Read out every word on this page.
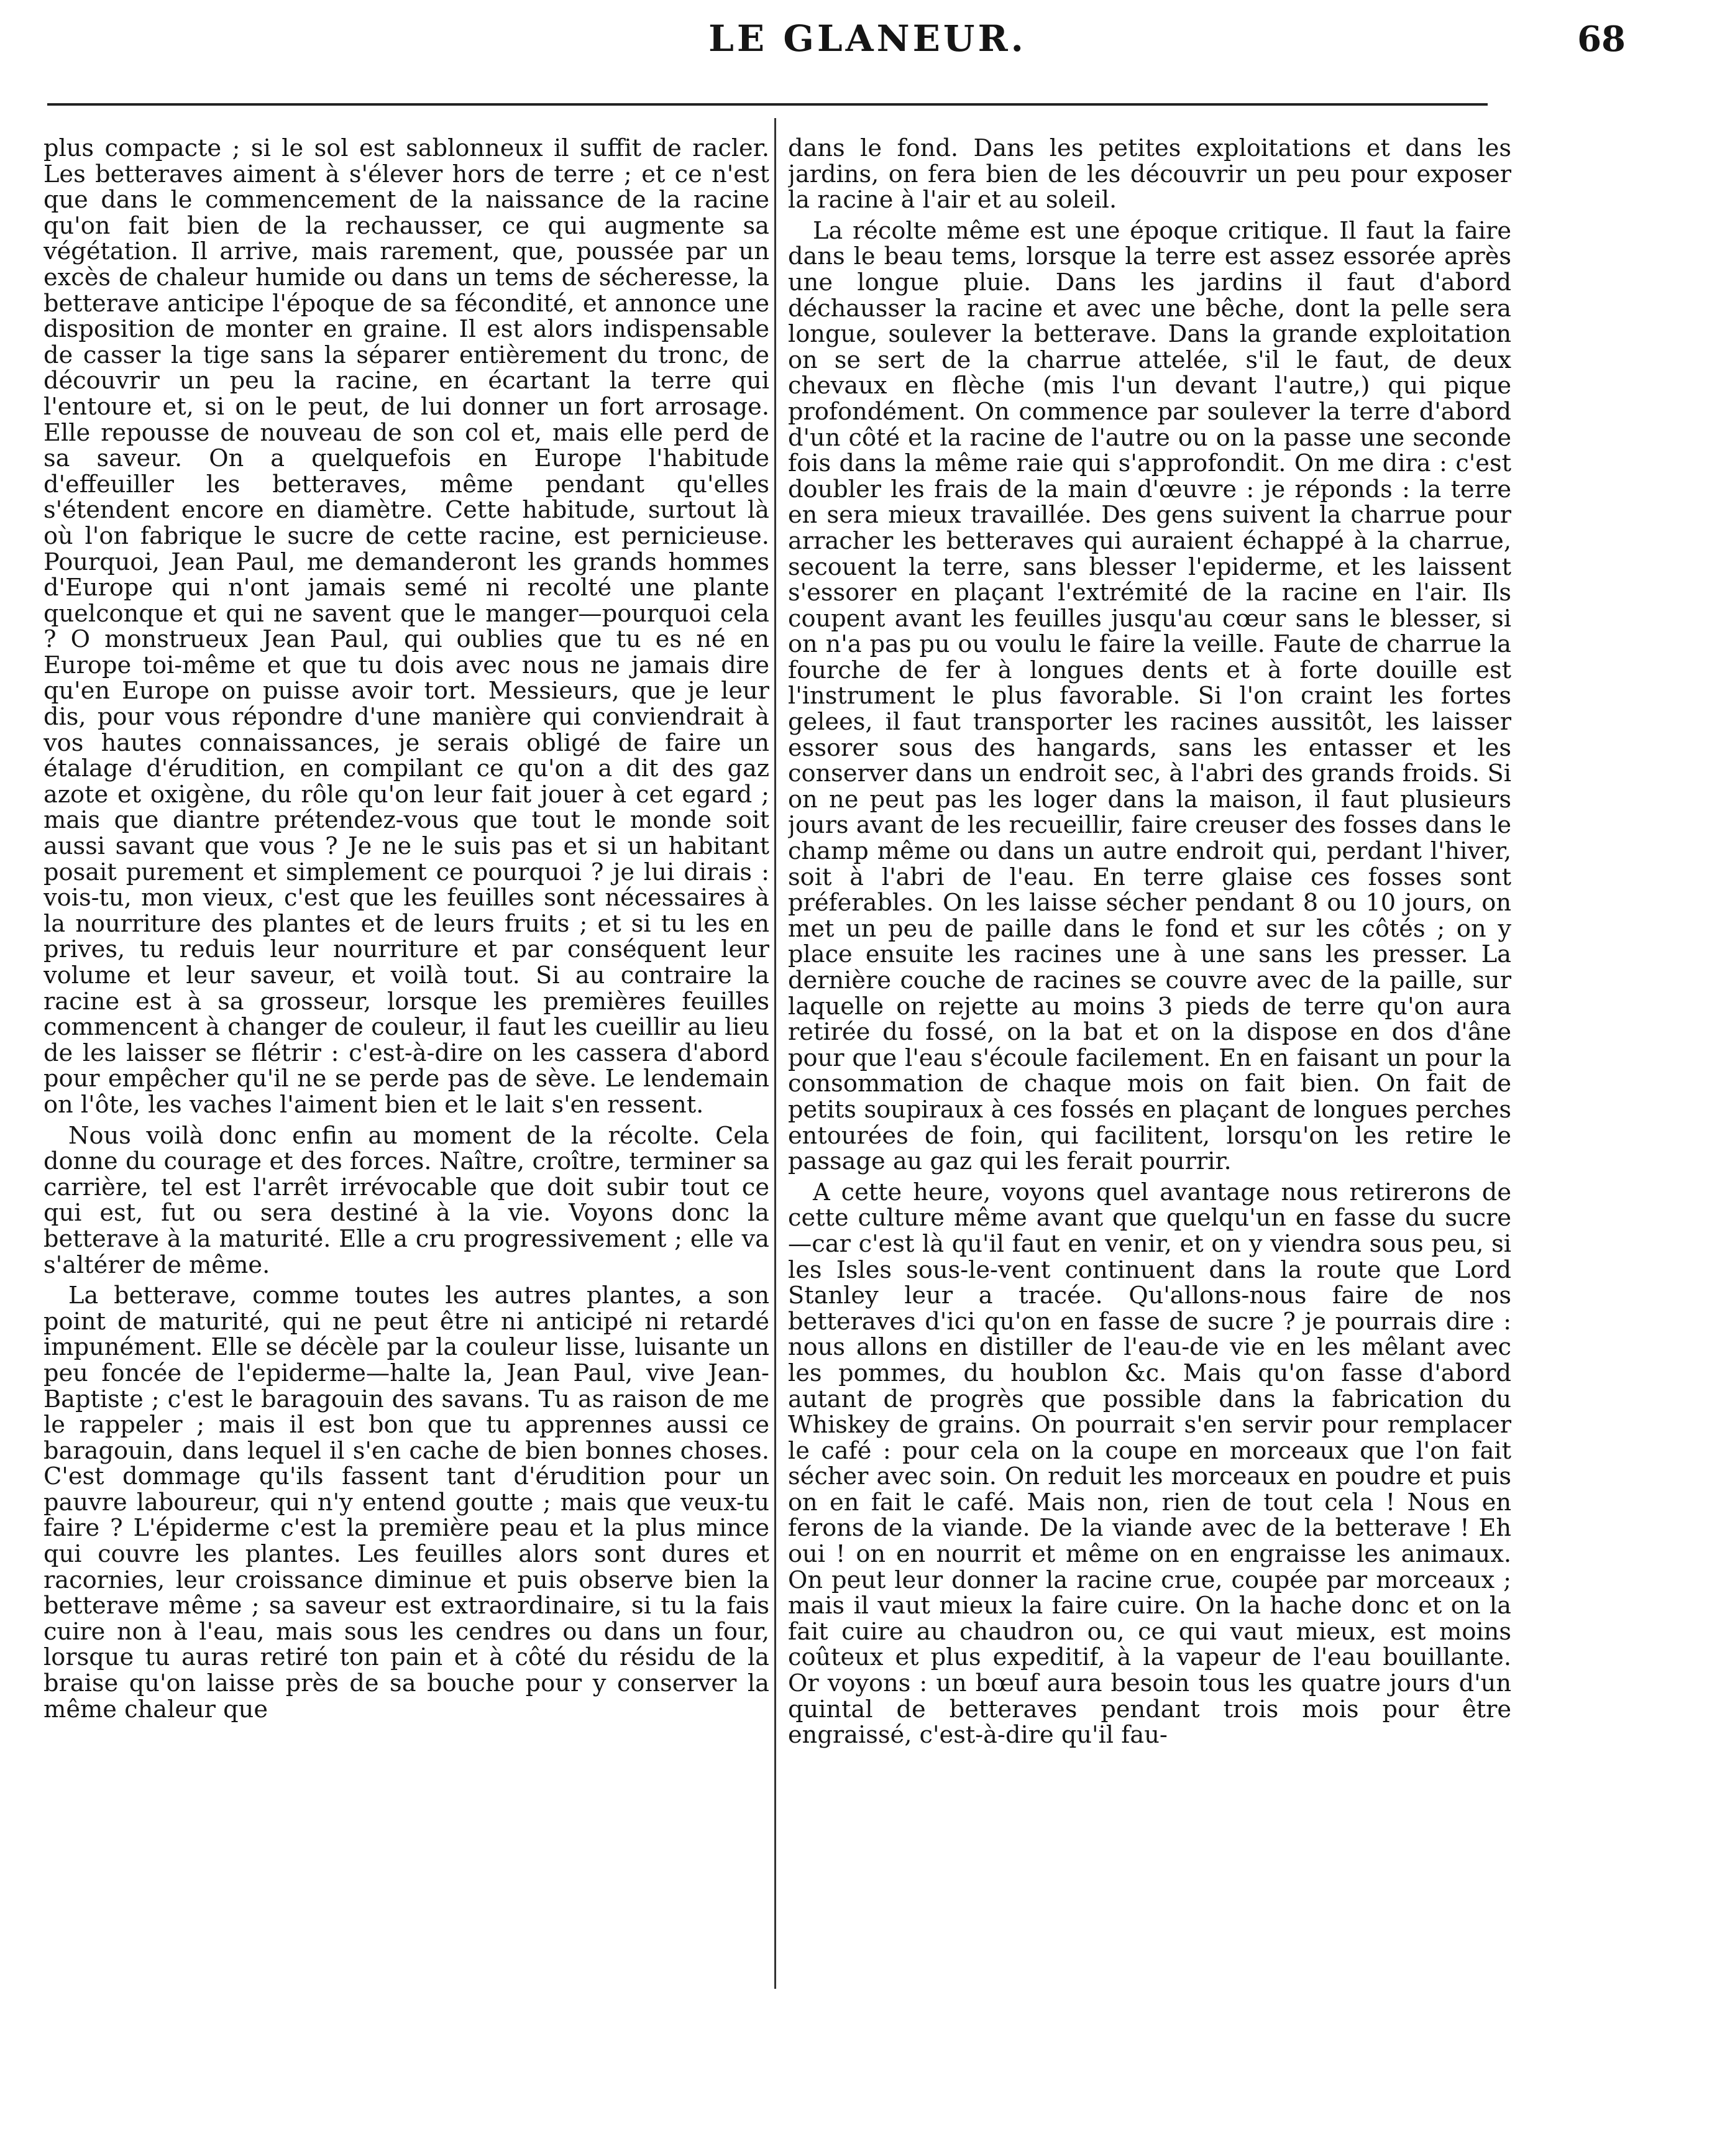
LE GLANEUR.	68

plus compacte ; si le sol est sablonneux il suffit de racler. Les betteraves aiment à s'élever hors de terre ; et ce n'est que dans le commencement de la naissance de la racine qu'on fait bien de la rechausser, ce qui augmente sa végétation. Il arrive, mais rarement, que, poussée par un excès de chaleur humide ou dans un tems de sécheresse, la betterave anticipe l'époque de sa fécondité, et annonce une disposition de monter en graine. Il est alors indispensable de casser la tige sans la séparer entièrement du tronc, de découvrir un peu la racine, en écartant la terre qui l'entoure et, si on le peut, de lui donner un fort arrosage. Elle repousse de nouveau de son col et, mais elle perd de sa saveur. On a quelquefois en Europe l'habitude d'effeuiller les betteraves, même pendant qu'elles s'étendent encore en diamètre. Cette habitude, surtout là où l'on fabrique le sucre de cette racine, est pernicieuse. Pourquoi, Jean Paul, me demanderont les grands hommes d'Europe qui n'ont jamais semé ni recolté une plante quelconque et qui ne savent que le manger—pourquoi cela ? O monstrueux Jean Paul, qui oublies que tu es né en Europe toi-même et que tu dois avec nous ne jamais dire qu'en Europe on puisse avoir tort. Messieurs, que je leur dis, pour vous répondre d'une manière qui conviendrait à vos hautes connaissances, je serais obligé de faire un étalage d'érudition, en compilant ce qu'on a dit des gaz azote et oxigène, du rôle qu'on leur fait jouer à cet egard ; mais que diantre prétendez-vous que tout le monde soit aussi savant que vous ? Je ne le suis pas et si un habitant posait purement et simplement ce pourquoi ? je lui dirais : vois-tu, mon vieux, c'est que les feuilles sont nécessaires à la nourriture des plantes et de leurs fruits ; et si tu les en prives, tu reduis leur nourriture et par conséquent leur volume et leur saveur, et voilà tout. Si au contraire la racine est à sa grosseur, lorsque les premières feuilles commencent à changer de couleur, il faut les cueillir au lieu de les laisser se flétrir : c'est-à-dire on les cassera d'abord pour empêcher qu'il ne se perde pas de sève. Le lendemain on l'ôte, les vaches l'aiment bien et le lait s'en ressent.

Nous voilà donc enfin au moment de la récolte. Cela donne du courage et des forces. Naître, croître, terminer sa carrière, tel est l'arrêt irrévocable que doit subir tout ce qui est, fut ou sera destiné à la vie. Voyons donc la betterave à la maturité. Elle a cru progressivement ; elle va s'altérer de même.

La betterave, comme toutes les autres plantes, a son point de maturité, qui ne peut être ni anticipé ni retardé impunément. Elle se décèle par la couleur lisse, luisante un peu foncée de l'epiderme—halte la, Jean Paul, vive Jean-Baptiste ; c'est le baragouin des savans. Tu as raison de me le rappeler ; mais il est bon que tu apprennes aussi ce baragouin, dans lequel il s'en cache de bien bonnes choses. C'est dommage qu'ils fassent tant d'érudition pour un pauvre laboureur, qui n'y entend goutte ; mais que veux-tu faire ? L'épiderme c'est la première peau et la plus mince qui couvre les plantes. Les feuilles alors sont dures et racornies, leur croissance diminue et puis observe bien la betterave même ; sa saveur est extraordinaire, si tu la fais cuire non à l'eau, mais sous les cendres ou dans un four, lorsque tu auras retiré ton pain et à côté du résidu de la braise qu'on laisse près de sa bouche pour y conserver la même chaleur que

dans le fond. Dans les petites exploitations et dans les jardins, on fera bien de les découvrir un peu pour exposer la racine à l'air et au soleil.

La récolte même est une époque critique. Il faut la faire dans le beau tems, lorsque la terre est assez essorée après une longue pluie. Dans les jardins il faut d'abord déchausser la racine et avec une bêche, dont la pelle sera longue, soulever la betterave. Dans la grande exploitation on se sert de la charrue attelée, s'il le faut, de deux chevaux en flèche (mis l'un devant l'autre,) qui pique profondément. On commence par soulever la terre d'abord d'un côté et la racine de l'autre ou on la passe une seconde fois dans la même raie qui s'approfondit. On me dira : c'est doubler les frais de la main d'œuvre : je réponds : la terre en sera mieux travaillée. Des gens suivent la charrue pour arracher les betteraves qui auraient échappé à la charrue, secouent la terre, sans blesser l'epiderme, et les laissent s'essorer en plaçant l'extrémité de la racine en l'air. Ils coupent avant les feuilles jusqu'au cœur sans le blesser, si on n'a pas pu ou voulu le faire la veille. Faute de charrue la fourche de fer à longues dents et à forte douille est l'instrument le plus favorable. Si l'on craint les fortes gelees, il faut transporter les racines aussitôt, les laisser essorer sous des hangards, sans les entasser et les conserver dans un endroit sec, à l'abri des grands froids. Si on ne peut pas les loger dans la maison, il faut plusieurs jours avant de les recueillir, faire creuser des fosses dans le champ même ou dans un autre endroit qui, perdant l'hiver, soit à l'abri de l'eau. En terre glaise ces fosses sont préferables. On les laisse sécher pendant 8 ou 10 jours, on met un peu de paille dans le fond et sur les côtés ; on y place ensuite les racines une à une sans les presser. La dernière couche de racines se couvre avec de la paille, sur laquelle on rejette au moins 3 pieds de terre qu'on aura retirée du fossé, on la bat et on la dispose en dos d'âne pour que l'eau s'écoule facilement. En en faisant un pour la consommation de chaque mois on fait bien. On fait de petits soupiraux à ces fossés en plaçant de longues perches entourées de foin, qui facilitent, lorsqu'on les retire le passage au gaz qui les ferait pourrir.

A cette heure, voyons quel avantage nous retirerons de cette culture même avant que quelqu'un en fasse du sucre —car c'est là qu'il faut en venir, et on y viendra sous peu, si les Isles sous-le-vent continuent dans la route que Lord Stanley leur a tracée. Qu'allons-nous faire de nos betteraves d'ici qu'on en fasse de sucre ? je pourrais dire : nous allons en distiller de l'eau-de vie en les mêlant avec les pommes, du houblon &c. Mais qu'on fasse d'abord autant de progrès que possible dans la fabrication du Whiskey de grains. On pourrait s'en servir pour remplacer le café : pour cela on la coupe en morceaux que l'on fait sécher avec soin. On reduit les morceaux en poudre et puis on en fait le café. Mais non, rien de tout cela ! Nous en ferons de la viande. De la viande avec de la betterave ! Eh oui ! on en nourrit et même on en engraisse les animaux. On peut leur donner la racine crue, coupée par morceaux ; mais il vaut mieux la faire cuire. On la hache donc et on la fait cuire au chaudron ou, ce qui vaut mieux, est moins coûteux et plus expeditif, à la vapeur de l'eau bouillante. Or voyons : un bœuf aura besoin tous les quatre jours d'un quintal de betteraves pendant trois mois pour être engraissé, c'est-à-dire qu'il fau-
